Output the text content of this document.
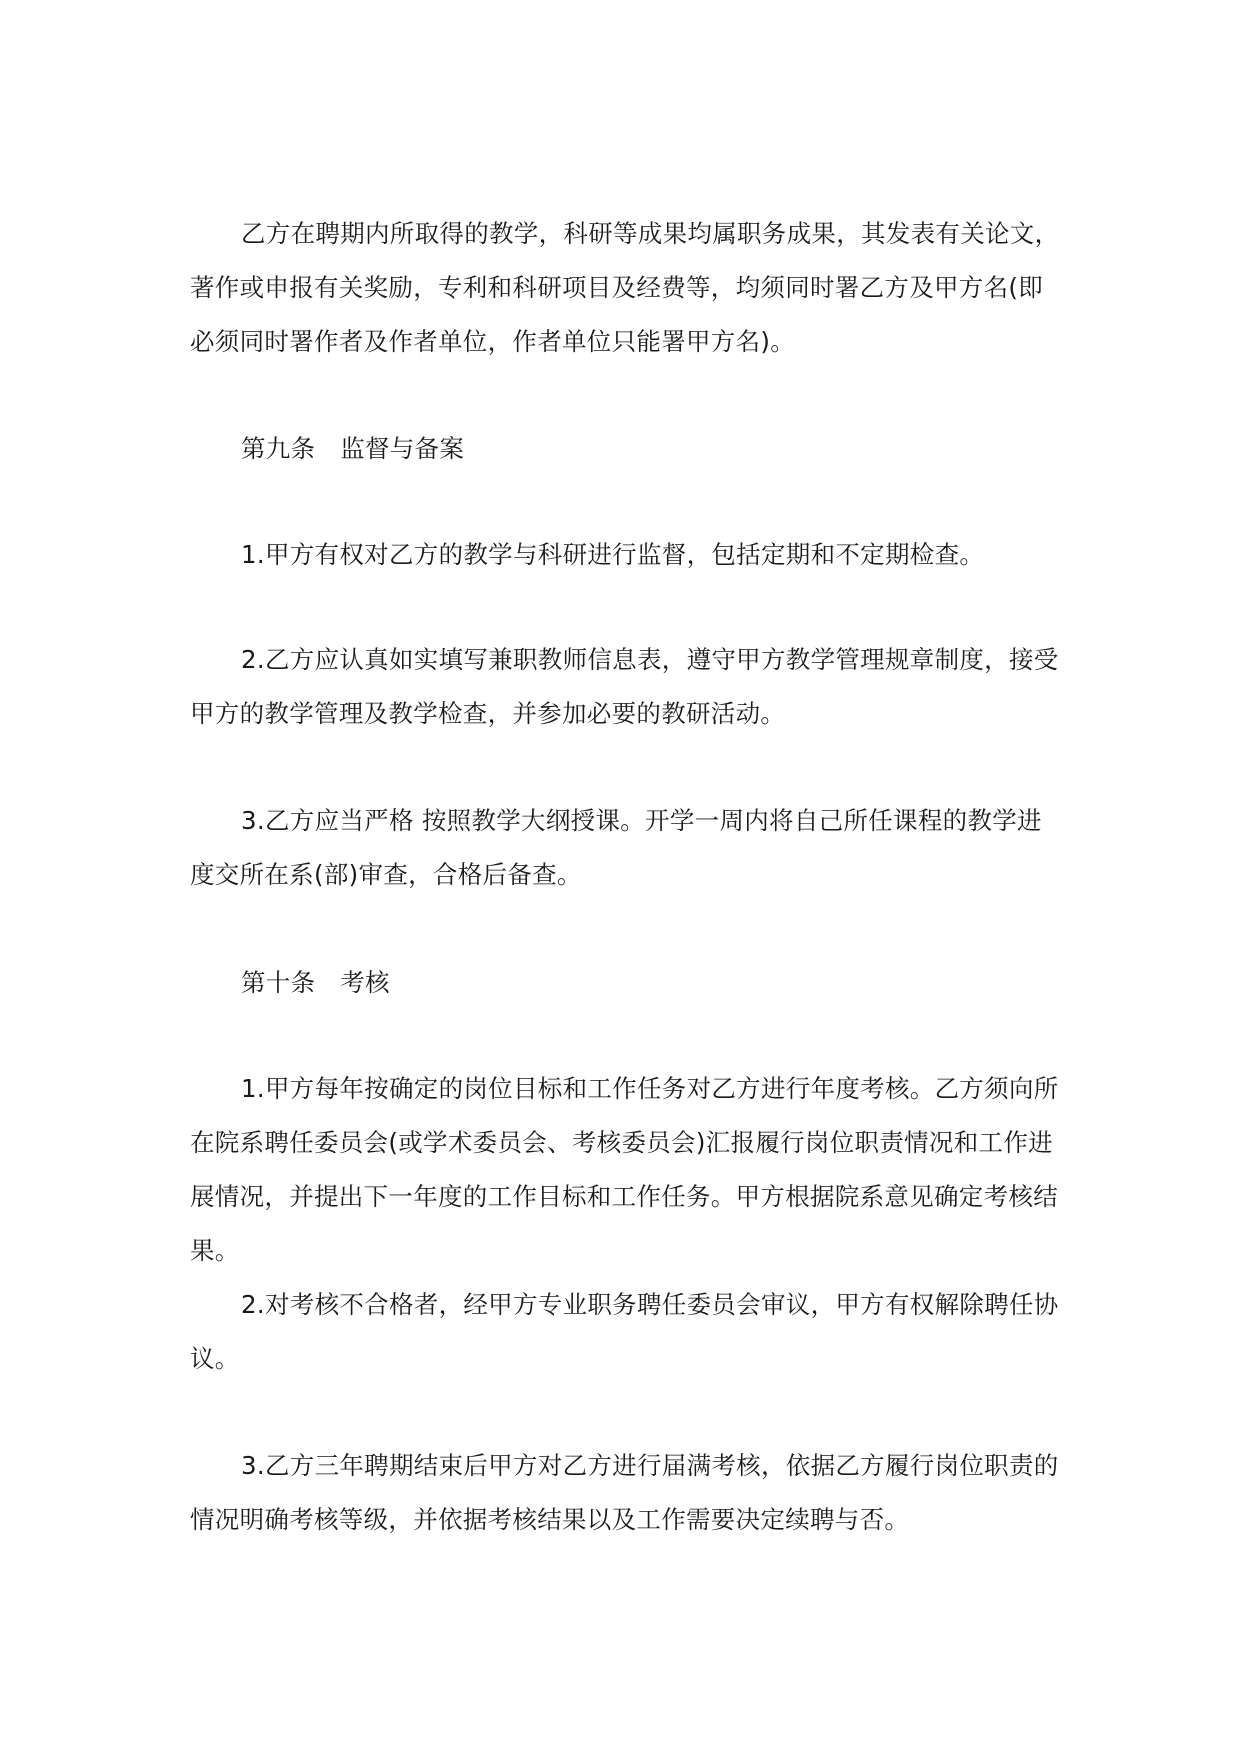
乙方在聘期内所取得的教学，科研等成果均属职务成果，其发表有关论文，
著作或申报有关奖励，专利和科研项目及经费等，均须同时署乙方及甲方名(即
必须同时署作者及作者单位，作者单位只能署甲方名)。
第九条　监督与备案
1.甲方有权对乙方的教学与科研进行监督，包括定期和不定期检查。
2.乙方应认真如实填写兼职教师信息表，遵守甲方教学管理规章制度，接受
甲方的教学管理及教学检查，并参加必要的教研活动。
3.乙方应当严格 按照教学大纲授课。开学一周内将自己所任课程的教学进
度交所在系(部)审查，合格后备查。
第十条　考核
1.甲方每年按确定的岗位目标和工作任务对乙方进行年度考核。乙方须向所
在院系聘任委员会(或学术委员会、考核委员会)汇报履行岗位职责情况和工作进
展情况，并提出下一年度的工作目标和工作任务。甲方根据院系意见确定考核结
果。
2.对考核不合格者，经甲方专业职务聘任委员会审议，甲方有权解除聘任协
议。
3.乙方三年聘期结束后甲方对乙方进行届满考核，依据乙方履行岗位职责的
情况明确考核等级，并依据考核结果以及工作需要决定续聘与否。
